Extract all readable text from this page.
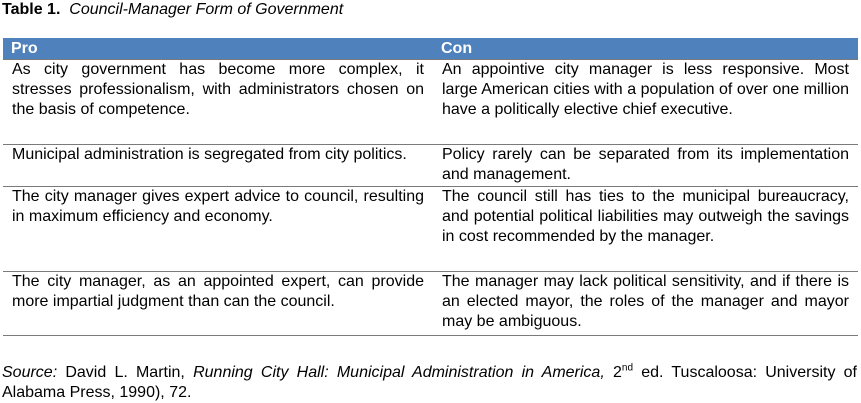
Table 1. Council-Manager Form of Government
Pro	Con
As city government has become more complex, it stresses professionalism, with administrators chosen on the basis of competence.	An appointive city manager is less responsive. Most large American cities with a population of over one million have a politically elective chief executive.
Municipal administration is segregated from city politics.	Policy rarely can be separated from its implementation and management.
The city manager gives expert advice to council, resulting in maximum efficiency and economy.	The council still has ties to the municipal bureaucracy, and potential political liabilities may outweigh the savings in cost recommended by the manager.
The city manager, as an appointed expert, can provide more impartial judgment than can the council.	The manager may lack political sensitivity, and if there is an elected mayor, the roles of the manager and mayor may be ambiguous.
Source: David L. Martin, Running City Hall: Municipal Administration in America, 2nd ed. Tuscaloosa: University of Alabama Press, 1990), 72.
